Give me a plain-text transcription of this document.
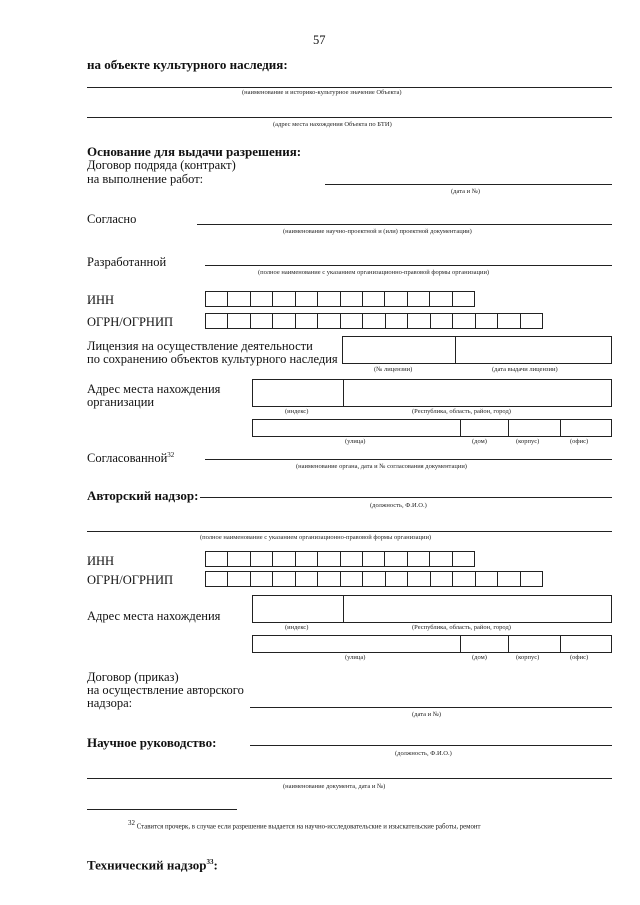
57
на объекте культурного наследия:
(наименование и историко-культурное значение Объекта)
(адрес места нахождения Объекта по БТИ)
Основание для выдачи разрешения:
Договор подряда (контракт)
на выполнение работ:
(дата и №)
Согласно
(наименование научно-проектной и (или) проектной документации)
Разработанной
(полное наименование с указанием организационно-правовой формы организации)
ИНН
ОГРН/ОГРНИП
Лицензия на осуществление деятельности
по сохранению объектов культурного наследия
(№ лицензии)	(дата выдачи лицензии)
Адрес места нахождения
организации
(индекс)	(Республика, область, район, город)
(улица)	(дом)	(корпус)	(офис)
Согласованной$^{32}$
(наименование органа, дата и № согласования документации)
Авторский надзор:
(должность, Ф.И.О.)
(полное наименование с указанием организационно-правовой формы организации)
ИНН
ОГРН/ОГРНИП
Адрес места нахождения
(индекс)	(Республика, область, район, город)
(улица)	(дом)	(корпус)	(офис)
Договор (приказ)
на осуществление авторского
надзора:
(дата и №)
Научное руководство:
(должность, Ф.И.О.)
(наименование документа, дата и №)
32 Ставится прочерк, в случае если разрешение выдается на научно-исследовательские и изыскательские работы, ремонт
Технический надзор$^{33}$:
